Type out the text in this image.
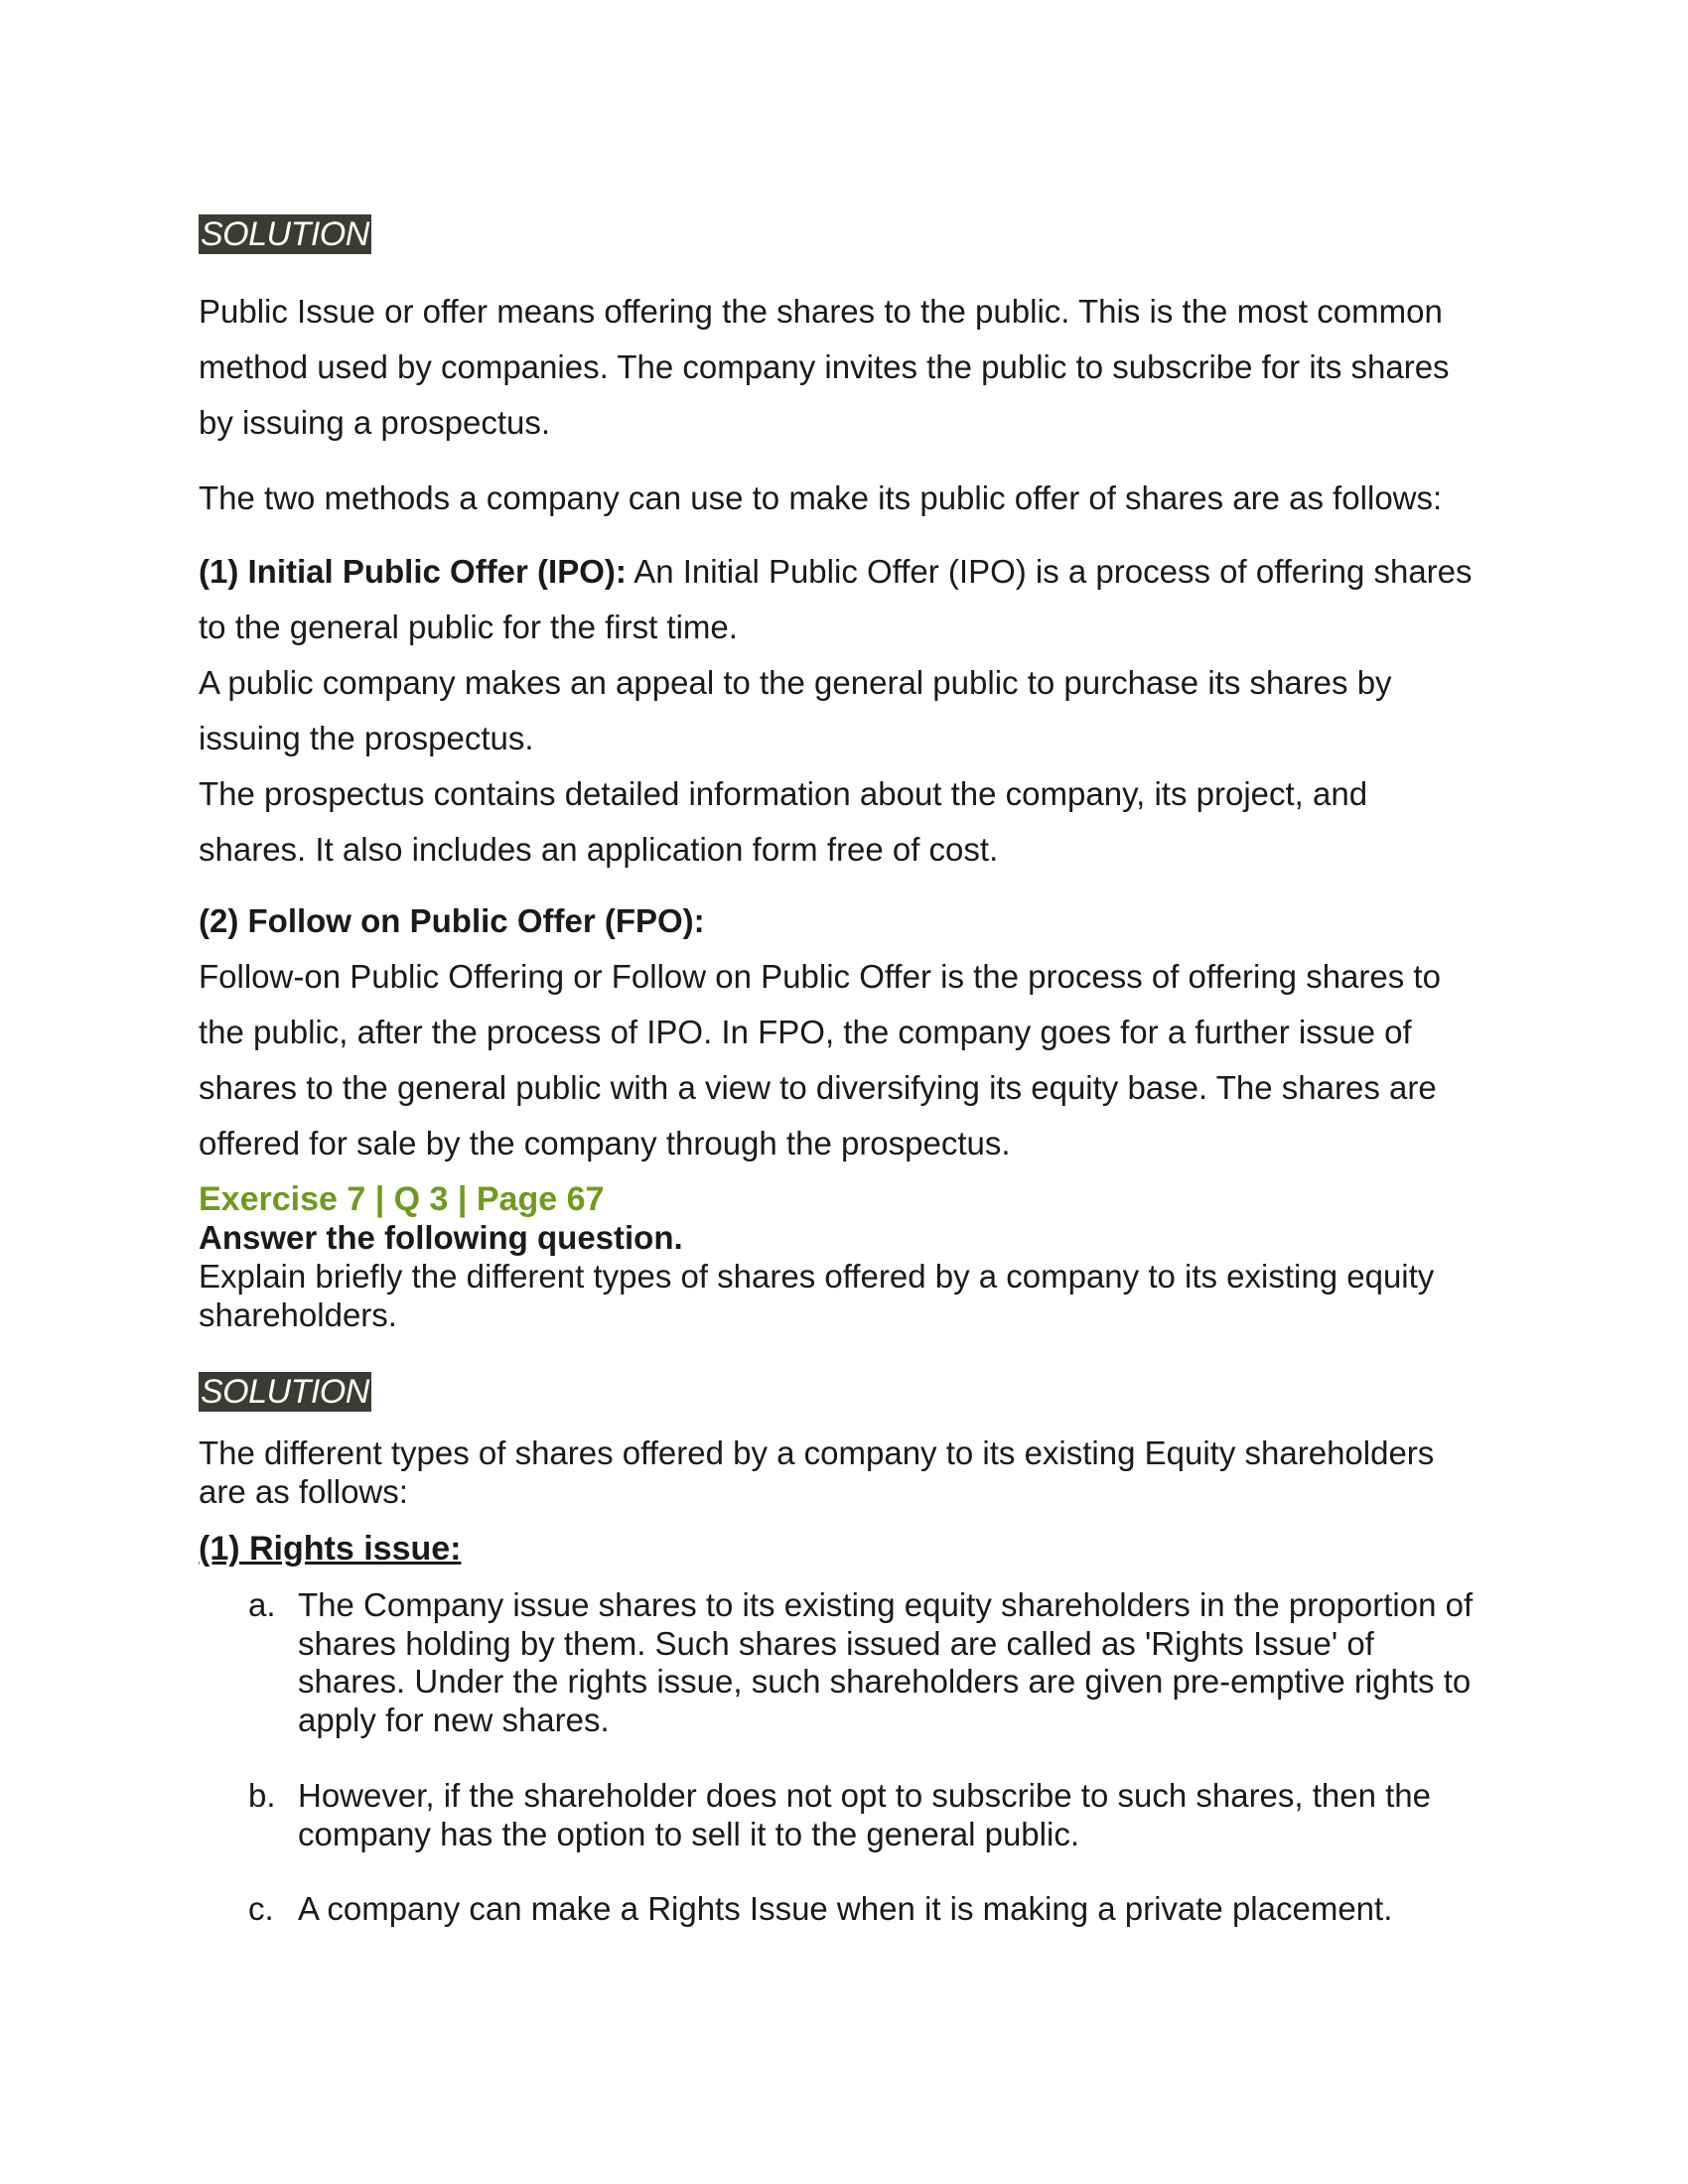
SOLUTION

Public Issue or offer means offering the shares to the public. This is the most common
method used by companies. The company invites the public to subscribe for its shares
by issuing a prospectus.

The two methods a company can use to make its public offer of shares are as follows:

(1) Initial Public Offer (IPO): An Initial Public Offer (IPO) is a process of offering shares
to the general public for the first time.
A public company makes an appeal to the general public to purchase its shares by
issuing the prospectus.
The prospectus contains detailed information about the company, its project, and
shares. It also includes an application form free of cost.

(2) Follow on Public Offer (FPO):
Follow-on Public Offering or Follow on Public Offer is the process of offering shares to
the public, after the process of IPO. In FPO, the company goes for a further issue of
shares to the general public with a view to diversifying its equity base. The shares are
offered for sale by the company through the prospectus.

Exercise 7 | Q 3 | Page 67

Answer the following question.

Explain briefly the different types of shares offered by a company to its existing equity
shareholders.

SOLUTION

The different types of shares offered by a company to its existing Equity shareholders
are as follows:

(1) Rights issue:

a. The Company issue shares to its existing equity shareholders in the proportion of
shares holding by them. Such shares issued are called as 'Rights Issue' of
shares. Under the rights issue, such shareholders are given pre-emptive rights to
apply for new shares.
b. However, if the shareholder does not opt to subscribe to such shares, then the
company has the option to sell it to the general public.
c. A company can make a Rights Issue when it is making a private placement.
